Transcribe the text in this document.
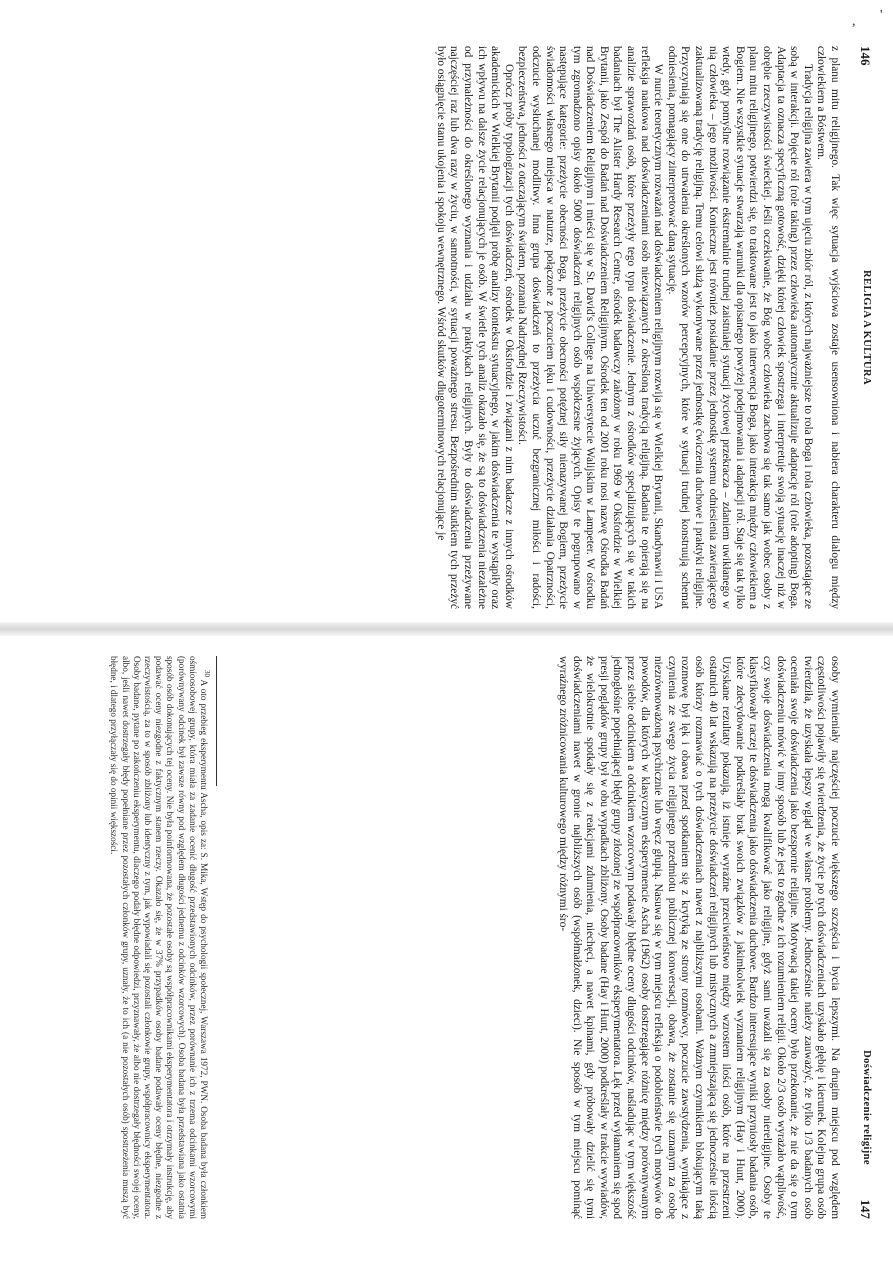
'
,
146
RELIGIA A KULTURA

z planu mitu religijnego. Tak więc sytuacja wyjściowa zostaje usensowniona i nabiera charakteru dialogu między człowiekiem a Bóstwem.

Tradycja religijna zawiera w tym ujęciu zbiór ról, z których najważniejsze to rola Boga i rola człowieka, pozostające ze sobą w interakcji. Pojęcie ról (role taking) przez człowieka automatycznie aktualizuje adaptację ról (role adopting) Boga. Adaptacja ta oznacza specyficzną gotowość, dzięki której człowiek spostrzega i interpretuje swoją sytuację inaczej niż w obrębie rzeczywistości świeckiej. Jeśli oczekiwanie, że Bóg wobec człowieka zachowa się tak samo jak wobec osoby z planu mitu religijnego, potwierdzi się, to traktowane jest to jako interwencja Boga, jako interakcja między człowiekiem a Bogiem. Nie wszystkie sytuacje stwarzają warunki dla opisanego powyżej podejmowania i adaptacji ról. Staje się tak tylko wtedy, gdy pomyślne rozwiązanie ekstremalnie trudnej zaistniałej sytuacji życiowej przekracza – zdaniem uwikłanego w nią człowieka – jego możliwości. Konieczne jest również posiadanie przez jednostkę systemu odniesienia zawierającego zaktualizowaną tradycję religijną. Temu celowi służą wykonywane przez jednostkę ćwiczenia duchowe i praktyki religijne. Przyczyniają się one do utrwalenia określonych wzorów percepcyjnych, które w sytuacji trudnej konstruują schemat odniesienia, pomagający zinterpretować daną sytuację.

W nurcie teoretycznym rozważań nad doświadczeniem religijnym rozwija się w Wielkiej Brytanii, Skandynawii i USA refleksja naukowa nad doświadczeniami osób niezwiązanych z określoną tradycją religijną. Badania te opierają się na analizie sprawozdań osób, które przeżyły tego typu doświadczenie. Jednym z ośrodków specjalizujących się w takich badaniach był The Alister Hardy Research Centre, ośrodek badawczy założony w roku 1969 w Oksfordzie w Wielkiej Brytanii, jako Zespół do Badań nad Doświadczeniem Religijnym. Ośrodek ten od 2001 roku nosi nazwę Ośrodka Badań nad Doświadczeniem Religijnym i mieści się w St. David's College na Uniwersytecie Walijskim w Lampeter. W ośrodku tym zgromadzono opisy około 5000 doświadczeń religijnych osób współczesne żyjących. Opisy te pogrupowano w następujące kategorie: przeżycie obecności Boga, przeżycie obecności potężnej siły nienazywanej Bogiem, przeżycie świadomości własnego miejsca w naturze, połączone z poczuciem lęku i cudowności, przeżycie działania Opatrzności, odczucie wysłuchanej modlitwy. Inna grupa doświadczeń to przeżycia uczuć bezgranicznej miłości i radości, bezpieczeństwa, jedności z otaczającym światem, poznania Nadrzędnej Rzeczywistości.

Oprócz próby typologizacji tych doświadczeń, ośrodek w Oksfordzie i związani z nim badacze z innych ośrodków akademickich w Wielkiej Brytanii podjęli próbę analizy kontekstu sytuacyjnego, w jakim doświadczenia te wystąpiły oraz ich wpływu na dalsze życie relacjonujących je osób. W świetle tych analiz okazało się, że są to doświadczenia niezależne od przynależności do określonego wyznania i udziału w praktykach religijnych. Były to doświadczenia przeżywane najczęściej raz lub dwa razy w życiu, w samotności, w sytuacji poważnego stresu. Bezpośrednim skutkiem tych przeżyć było osiągnięcie stanu ukojenia i spokoju wewnętrznego. Wśród skutków długoterminowych relacjonujące je

Doświadczenie religijne
147

osoby wymieniały najczęściej poczucie większego szczęścia i bycia lepszymi. Na drugim miejscu pod względem częstotliwości pojawiły się twierdzenia, że życie po tych doświadczeniach uzyskało głębię i kierunek. Kolejna grupa osób twierdziła, że uzyskała lepszy wgląd we własne problemy. Jednocześnie należy zauważyć, że tylko 1/3 badanych osób oceniała swoje doświadczenia jako bezspornie religijne. Motywacją takiej oceny było przekonanie, że nie da się o tym doświadczeniu mówić w inny sposób lub że jest to zgodne z ich rozumieniem religii. Około 2/3 osób wyrażało wątpliwość, czy swoje doświadczenia mogą kwalifikować jako religijne, gdyż sami uważali się za osoby niereligijne. Osoby te klasyfikowały raczej te doświadczenia jako doświadczenia duchowe. Bardzo interesujące wyniki przyniosły badania osób, które zdecydowanie podkreślały brak swoich związków z jakimkolwiek wyznaniem religijnym (Hay i Hunt, 2000). Uzyskane rezultaty pokazują, iż istnieje wyraźne przeciwieństwo między wzrostem ilości osób, które na przestrzeni ostatnich 40 lat wskazują na przeżycie doświadczeń religijnych lub mistycznych a zmniejszającą się jednocześnie ilością osób którzy rozmawiać o tych doświadczeniach nawet z najbliższymi osobami. Ważnym czynnikiem blokującym taką rozmowę był lęk i obawa przed spotkaniem się z krytyką ze strony rozmówcy, poczucie zawstydzenia, wynikające z czynienia ze swego życia religijnego przedmiotu publicznej konwersacji, obawa, że zostanie się uznanym za osobę niezrównoważoną psychicznie lub wręcz głupią. Nasuwa się w tym miejscu refleksja o podobieństwie tych motywów do powodów, dla których w klasycznym eksperymencie Ascha (1962) osoby dostrzegające różnicę między porównywanym przez siebie odcinkiem a odcinkiem wzorcowym podawały błędne oceny długości odcinków, naśladując w tym większość jednogłośnie popełniającej błędy grupy złożonej ze współpracowników eksperymentatora. Lęk przed wyłamaniem się spod presji poglądów grupy był w obu wypadkach zbliżony. Osoby badane (Hay i Hunt, 2000) podkreślały w trakcie wywiadów, że wielokrotnie spotkały się z reakcjami zdumienia, niechęci, a nawet kpinami, gdy próbowały dzielić się tymi doświadczeniami nawet w gronie najbliższych osób (współmałżonek, dzieci). Nie sposób w tym miejscu pominąć wyraźnego zróżnicowania kulturowego między różnymi śro-

$^{30}$ A oto przebieg eksperymentu Ascha, opis za: S. Mika, Wstęp do psychologii społecznej, Warszawa 1972, PWN. Osoba badana była członkiem ośmioosobowej grupy, która miała za zadanie ocenić długość przedstawionych odcinków, przez porównanie ich z trzema odcinkami wzorcowymi (porównywany odcinek był zawsze równy pod względem długości jednemu z odcinków wzorcowych). Osoba badana była przedstawiana jako ostatnia sposób osób dokonujących tej oceny. Nie była poinformowana, że pozostałe osoby są współpracownikami eksperymentatora i otrzymały instrukcję, aby podawać oceny niezgodne z faktycznym stanem rzeczy. Okazało się, że w 37% przypadków osoby badane podawały oceny błędne, niezgodne z rzeczywistością, za to w sposób zbliżony lub identyczny z tym, jak wypowiadali się pozostali członkowie grupy, współpracownicy eksperymentatora. Osoby badane, pytane po zakończeniu eksperymentu, dlaczego podały błędne odpowiedzi, przyznawały, że albo nie dostrzegały błędności swojej oceny, albo, jeśli nawet dostrzegały błędy popełniane przez pozostałych członków grupy, uznały, że to ich (a nie pozostałych osób) spostrzeżenia muszą być błędne, i dlatego przyłączały się do opinii większości.
